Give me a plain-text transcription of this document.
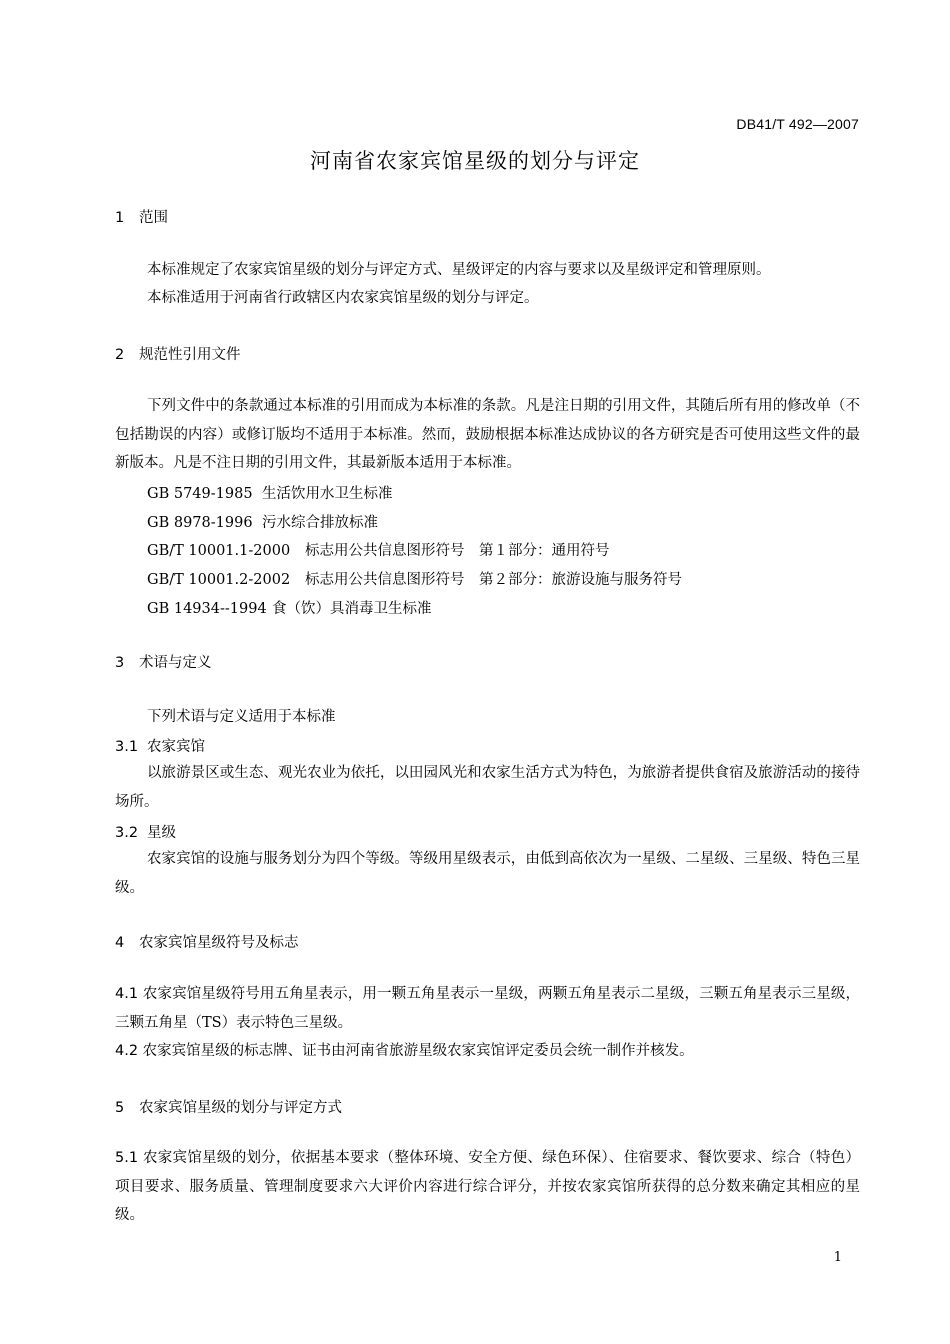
DB41/T 492—2007
河南省农家宾馆星级的划分与评定
1 范围
本标准规定了农家宾馆星级的划分与评定方式、星级评定的内容与要求以及星级评定和管理原则。
本标准适用于河南省行政辖区内农家宾馆星级的划分与评定。
2 规范性引用文件
下列文件中的条款通过本标准的引用而成为本标准的条款。凡是注日期的引用文件，其随后所有用的修改单（不包括勘误的内容）或修订版均不适用于本标准。然而，鼓励根据本标准达成协议的各方研究是否可使用这些文件的最新版本。凡是不注日期的引用文件，其最新版本适用于本标准。
GB 5749-1985 生活饮用水卫生标准
GB 8978-1996 污水综合排放标准
GB/T 10001.1-2000 标志用公共信息图形符号　第１部分：通用符号
GB/T 10001.2-2002 标志用公共信息图形符号　第２部分：旅游设施与服务符号
GB 14934--1994 食（饮）具消毒卫生标准
3 术语与定义
下列术语与定义适用于本标准
3.1 农家宾馆
以旅游景区或生态、观光农业为依托，以田园风光和农家生活方式为特色，为旅游者提供食宿及旅游活动的接待场所。
3.2 星级
农家宾馆的设施与服务划分为四个等级。等级用星级表示，由低到高依次为一星级、二星级、三星级、特色三星级。
4 农家宾馆星级符号及标志
4.1 农家宾馆星级符号用五角星表示，用一颗五角星表示一星级，两颗五角星表示二星级，三颗五角星表示三星级，三颗五角星（TS）表示特色三星级。
4.2 农家宾馆星级的标志牌、证书由河南省旅游星级农家宾馆评定委员会统一制作并核发。
5 农家宾馆星级的划分与评定方式
5.1 农家宾馆星级的划分，依据基本要求（整体环境、安全方便、绿色环保）、住宿要求、餐饮要求、综合（特色）项目要求、服务质量、管理制度要求六大评价内容进行综合评分，并按农家宾馆所获得的总分数来确定其相应的星级。
1
